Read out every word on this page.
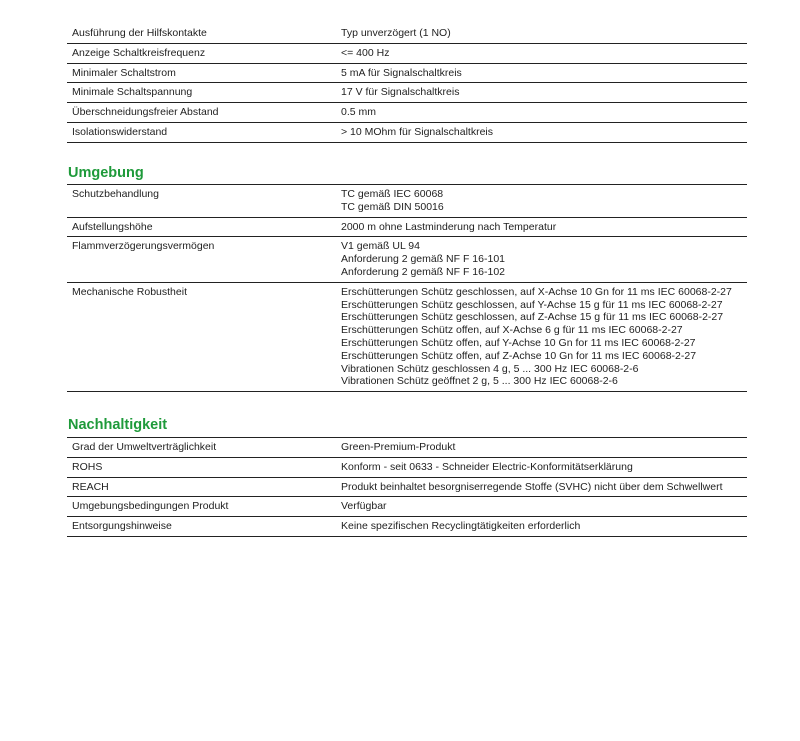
Ausführung der Hilfskontakte	Typ unverzögert (1 NO)
Anzeige Schaltkreisfrequenz	<= 400 Hz
Minimaler Schaltstrom	5 mA für Signalschaltkreis
Minimale Schaltspannung	17 V für Signalschaltkreis
Überschneidungsfreier Abstand	0.5 mm
Isolationswiderstand	> 10 MOhm für Signalschaltkreis
Umgebung
Schutzbehandlung	TC gemäß IEC 60068
TC gemäß DIN 50016
Aufstellungshöhe	2000 m ohne Lastminderung nach Temperatur
Flammverzögerungsvermögen	V1 gemäß UL 94
Anforderung 2 gemäß NF F 16-101
Anforderung 2 gemäß NF F 16-102
Mechanische Robustheit	Erschütterungen Schütz geschlossen, auf X-Achse 10 Gn for 11 ms IEC 60068-2-27
Erschütterungen Schütz geschlossen, auf Y-Achse 15 g für 11 ms IEC 60068-2-27
Erschütterungen Schütz geschlossen, auf Z-Achse 15 g für 11 ms IEC 60068-2-27
Erschütterungen Schütz offen, auf X-Achse 6 g für 11 ms IEC 60068-2-27
Erschütterungen Schütz offen, auf Y-Achse 10 Gn for 11 ms IEC 60068-2-27
Erschütterungen Schütz offen, auf Z-Achse 10 Gn for 11 ms IEC 60068-2-27
Vibrationen Schütz geschlossen 4 g, 5 ... 300 Hz IEC 60068-2-6
Vibrationen Schütz geöffnet 2 g, 5 ... 300 Hz IEC 60068-2-6
Nachhaltigkeit
Grad der Umweltverträglichkeit	Green-Premium-Produkt
ROHS	Konform - seit 0633 - Schneider Electric-Konformitätserklärung
REACH	Produkt beinhaltet besorgniserregende Stoffe (SVHC) nicht über dem Schwellwert
Umgebungsbedingungen Produkt	Verfügbar
Entsorgungshinweise	Keine spezifischen Recyclingtätigkeiten erforderlich
